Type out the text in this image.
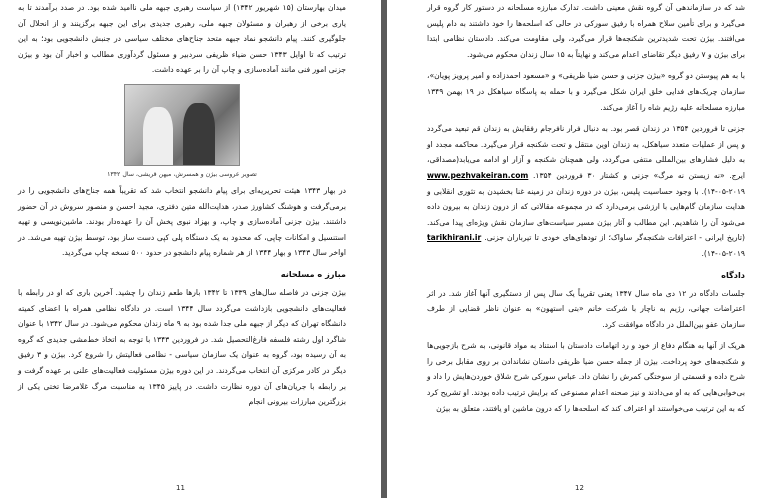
میدان بهارستان (۱۵ شهریور ۱۳۴۲) از سیاست رهبری جبهه ملی ناامید شده بود. در صدد برآمدند تا به یاری برخی از رهبران و مسئولان جبهه ملی، رهبری جدیدی برای این جبهه برگزینند و از انحلال آن جلوگیری کنند. پیام دانشجو نماد جبهه متحد جناح‌های مختلف سیاسی در جنبش دانشجویی بود؛ به این ترتیب که تا اوایل ۱۳۴۳ حسن ضیاء ظریفی سردبیر و مسئول گردآوری مطالب و اخبار آن بود و بیژن جزنی امور فنی مانند آماده‌سازی و چاپ آن را بر عهده داشت.

تصویر عروسی بیژن و همسرش، میهن قریشی، سال ۱۳۴۲

در بهار ۱۳۴۳ هیئت تحریریه‌ای برای پیام دانشجو انتخاب شد که تقریباً همه جناح‌های دانشجویی را در برمی‌گرفت و هوشنگ کشاورز صدر، هدایت‌الله متین دفتری، مجید احسن و منصور سروش در آن حضور داشتند. بیژن جزنی آماده‌سازی و چاپ، و بهزاد نبوی پخش آن را عهده‌دار بودند. ماشین‌نویسی و تهیه استنسیل و امکانات چاپی، که محدود به یک دستگاه پلی کپی دست ساز بود، توسط بیژن تهیه می‌شد. در اواخر سال ۱۳۴۳ و بهار ۱۳۴۴ از هر شماره پیام دانشجو در حدود ۵۰۰ نسخه چاپ می‌گردید.

مبارز ه مسلحانه

بیژن جزنی در فاصله سال‌های ۱۳۳۹ تا ۱۳۴۲ بارها طعم زندان را چشید. آخرین باری که او در رابطه با فعالیت‌های دانشجویی بازداشت می‌گردد سال ۱۳۴۴ است. در دادگاه نظامی همراه با اعضای کمیته دانشگاه تهران که دیگر از جبهه ملی جدا شده بود به ۹ ماه زندان محکوم می‌شود. در سال ۱۳۴۲ با عنوان شاگرد اول رشته فلسفه فارغ‌التحصیل شد. در فروردین ۱۳۴۳ با توجه به اتخاذ خط‌مشی جدیدی که گروه به آن رسیده بود، گروه به عنوان یک سازمان سیاسی - نظامی فعالیتش را شروع کرد. بیژن و ۳ رفیق دیگر در کادر مرکزی آن انتخاب می‌گردند. در این دوره بیژن مسئولیت فعالیت‌های علنی بر عهده گرفت و بر رابطه با جریان‌های آن دوره نظارت داشت. در پاییز ۱۳۴۵ به مناسبت مرگ غلامرضا تختی یکی از بزرگترین مبارزات بیرونی انجام

11

شد که در سازماندهی آن گروه نقش معینی داشت. تدارک مبارزه مسلحانه در دستور کار گروه قرار می‌گیرد و برای تأمین سلاح همراه با رفیق سورکی در حالی که اسلحه‌ها را خود داشتند به دام پلیس می‌افتند. بیژن تحت شدیدترین شکنجه‌ها قرار می‌گیرد، ولی مقاومت می‌کند. دادستان نظامی ابتدا برای بیژن و ۷ رفیق دیگر تقاضای اعدام می‌کند و نهایتاً به ۱۵ سال زندان محکوم می‌شود.

با به هم پیوستن دو گروه «بیژن جزنی و حسن ضیا ظریفی» و «مسعود احمدزاده و امیر پرویز پویان»، سازمان چریک‌های فدایی خلق ایران شکل می‌گیرد و با حمله به پاسگاه سیاهکل در ۱۹ بهمن ۱۳۴۹ مبارزه مسلحانه علیه رژیم شاه را آغاز می‌کند.

جزنی تا فروردین ۱۳۵۴ در زندان قصر بود. به دنبال فرار نافرجام رفقایش به زندان قم تبعید می‌گردد و پس از عملیات متعدد سیاهکل، به زندان اوین منتقل و تحت شکنجه قرار می‌گیرد. محاکمه مجدد او به دلیل فشارهای بین‌المللی منتفی می‌گردد، ولی همچنان شکنجه و آزار او ادامه می‌یابد(مصداقی، ایرج. «نه زیستن نه مرگ» جزنی و کشتار ۳۰ فروردین ۱۳۵۴. www.pezhvakeiran.com ۱۴-۰۵-۲۰۱۹). با وجود حساسیت پلیس، بیژن در دوره زندان در زمینه غنا بخشیدن به تئوری انقلابی و هدایت سازمان گام‌هایی با ارزشی برمی‌دارد که در مجموعه مقالاتی که از درون زندان به بیرون داده می‌شود آن را شاهدیم. این مطالب و آثار بیژن مسیر سیاست‌های سازمان نقش ویژه‌ای پیدا می‌کند. (تاریخ ایرانی - اعترافات شکنجه‌گر ساواک؛ از تودهای‌های خودی تا تیرباران جزنی. tarikhirani.ir ۱۴-۰۵-۲۰۱۹).

دادگاه

جلسات دادگاه در ۱۲ دی ماه سال ۱۳۴۷ یعنی تقریباً یک سال پس از دستگیری آنها آغاز شد. در اثر اعتراضات جهانی، رژیم به ناچار با شرکت خانم «بتی استهون» به عنوان ناظر قضایی از طرف سازمان عفو بین‌الملل در دادگاه موافقت کرد.

هریک از آنها به هنگام دفاع از خود و رد اتهامات دادستان با استناد به مواد قانونی، به شرح بازجویی‌ها و شکنجه‌های خود پرداخت. بیژن از جمله حسن ضیا ظریفی داستان نشاندادن بر روی مقابل برخی را شرح داده و قسمتی از سوختگی کمرش را نشان داد. عباس سورکی شرح شلاق خوردن‌هایش را داد و بی‌خوابی‌هایی که به او می‌دادند و نیز صحنه اعدام مصنوعی که برایش ترتیب داده بودند. او تشریح کرد که به این ترتیب می‌خواستند او اعتراف کند که اسلحه‌ها را که درون ماشین او یافتند، متعلق به بیژن

12
